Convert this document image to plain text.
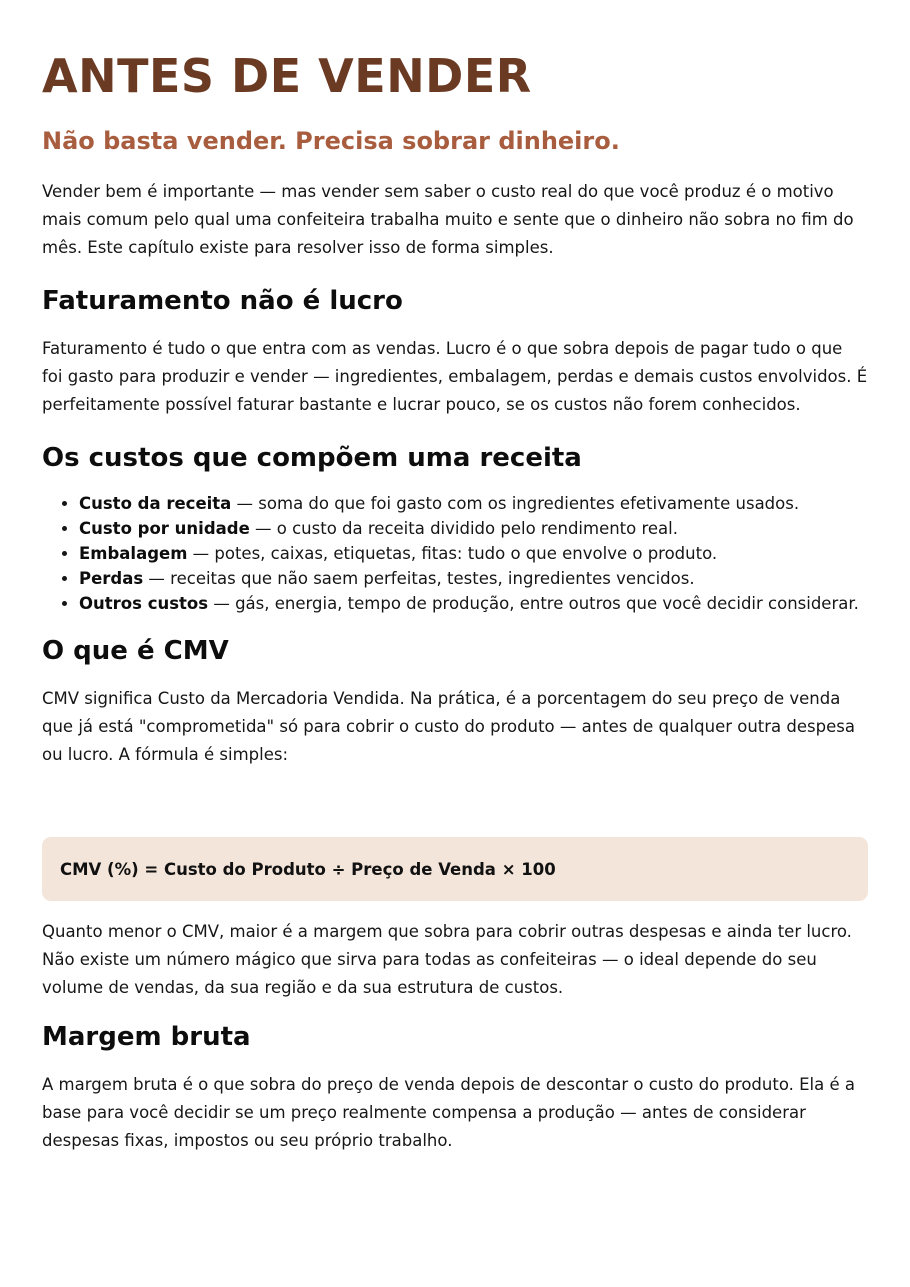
ANTES DE VENDER
Não basta vender. Precisa sobrar dinheiro.

Vender bem é importante — mas vender sem saber o custo real do que você produz é o motivo mais comum pelo qual uma confeiteira trabalha muito e sente que o dinheiro não sobra no fim do mês. Este capítulo existe para resolver isso de forma simples.

Faturamento não é lucro

Faturamento é tudo o que entra com as vendas. Lucro é o que sobra depois de pagar tudo o que foi gasto para produzir e vender — ingredientes, embalagem, perdas e demais custos envolvidos. É perfeitamente possível faturar bastante e lucrar pouco, se os custos não forem conhecidos.

Os custos que compõem uma receita
• Custo da receita — soma do que foi gasto com os ingredientes efetivamente usados.
• Custo por unidade — o custo da receita dividido pelo rendimento real.
• Embalagem — potes, caixas, etiquetas, fitas: tudo o que envolve o produto.
• Perdas — receitas que não saem perfeitas, testes, ingredientes vencidos.
• Outros custos — gás, energia, tempo de produção, entre outros que você decidir considerar.
O que é CMV

CMV significa Custo da Mercadoria Vendida. Na prática, é a porcentagem do seu preço de venda que já está "comprometida" só para cobrir o custo do produto — antes de qualquer outra despesa ou lucro. A fórmula é simples:

CMV (%) = Custo do Produto ÷ Preço de Venda × 100

Quanto menor o CMV, maior é a margem que sobra para cobrir outras despesas e ainda ter lucro. Não existe um número mágico que sirva para todas as confeiteiras — o ideal depende do seu volume de vendas, da sua região e da sua estrutura de custos.

Margem bruta

A margem bruta é o que sobra do preço de venda depois de descontar o custo do produto. Ela é a base para você decidir se um preço realmente compensa a produção — antes de considerar despesas fixas, impostos ou seu próprio trabalho.
